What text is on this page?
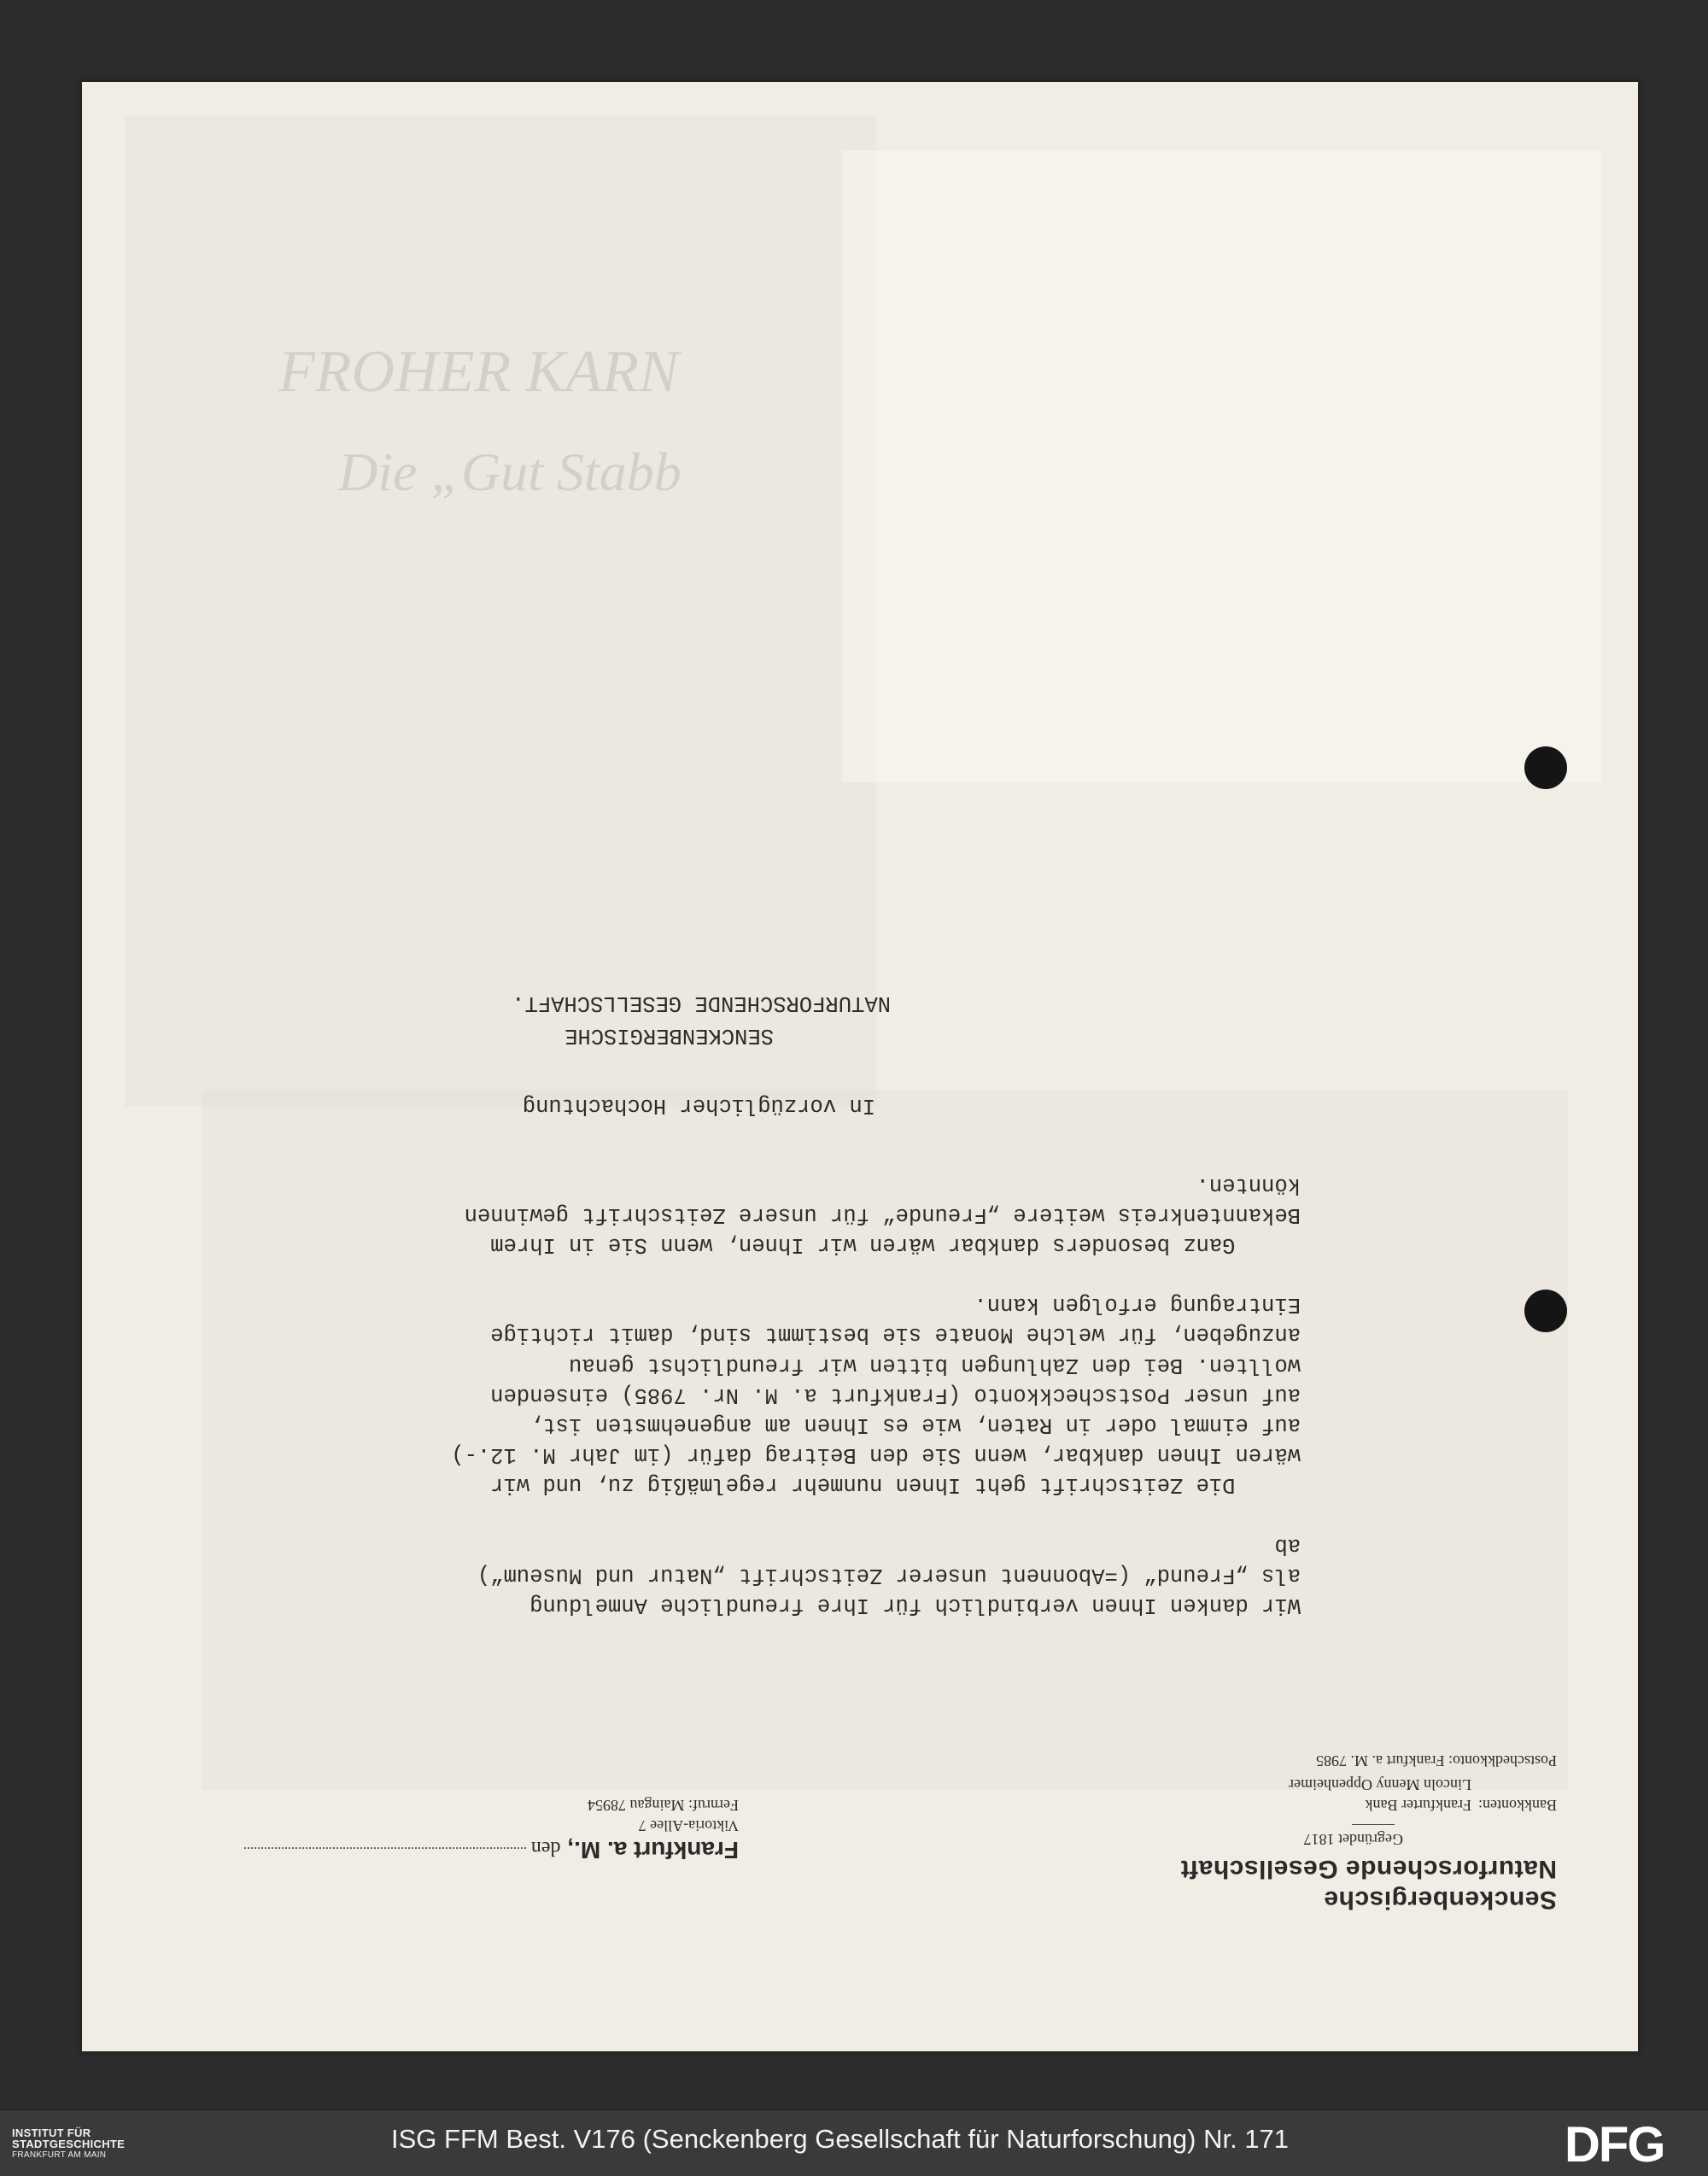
FROHER KARN
Die „Gut Stabb
Senckenbergische
Naturforschende Gesellschaft
Gegründet 1817
Bankkonten:Frankfurter Bank
Lincoln Menny Oppenheimer
Postschedkkonto: Frankfurt a. M. 7985
Frankfurt a. M., den
Viktoria-Allee 7
Fernruf: Maingau 78954
Wir danken Ihnen verbindlich für Ihre freundliche Anmeldung
als „Freund“ (=Abonnent unserer Zeitschrift „Natur und Museum“)
ab
Die Zeitschrift geht Ihnen nunmehr regelmäßig zu, und wir
wären Ihnen dankbar, wenn Sie den Beitrag dafür (im Jahr M. 12.-)
auf einmal oder in Raten, wie es Ihnen am angenehmsten ist,
auf unser Postscheckkonto (Frankfurt a. M. Nr. 7985) einsenden
wollten. Bei den Zahlungen bitten wir freundlichst genau
anzugeben, für welche Monate sie bestimmt sind, damit richtige
Eintragung erfolgen kann.
Ganz besonders dankbar wären wir Ihnen, wenn Sie in Ihrem
Bekanntenkreis weitere „Freunde“ für unsere Zeitschrift gewinnen
könnten.
In vorzüglicher Hochachtung
SENCKENBERGISCHE
NATURFORSCHENDE GESELLSCHAFT.
INSTITUT FÜR
STADTGESCHICHTE
FRANKFURT AM MAIN
ISG FFM Best. V176 (Senckenberg Gesellschaft für Naturforschung) Nr. 171	DFG
